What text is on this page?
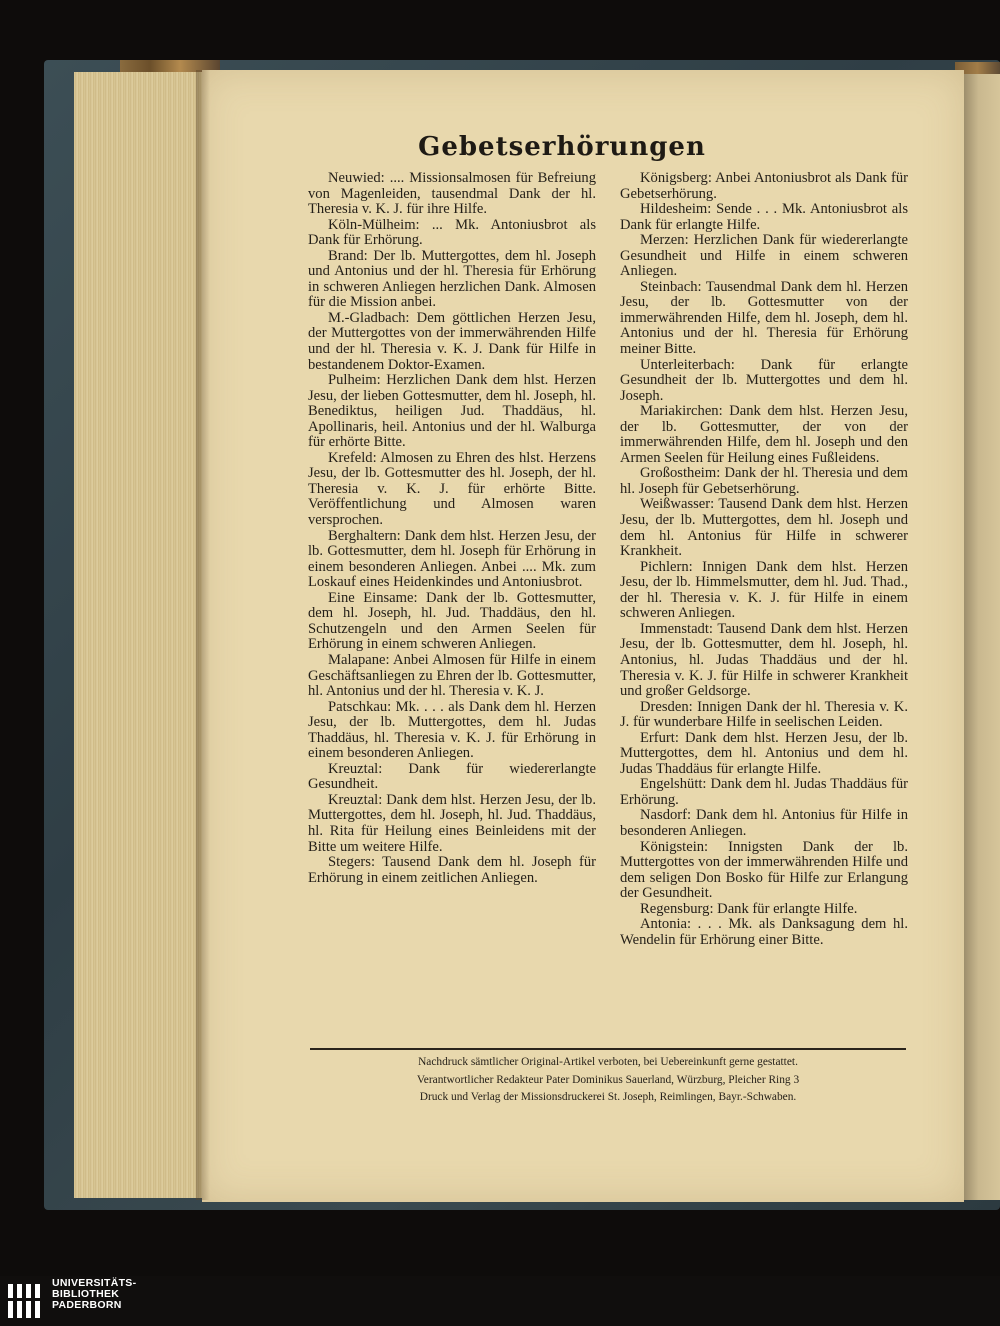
Gebetserhörungen

Neuwied: .... Missionsalmosen für Befreiung von Magenleiden, tausendmal Dank der hl. Theresia v. K. J. für ihre Hilfe.

Köln-Mülheim: ... Mk. Antoniusbrot als Dank für Erhörung.

Brand: Der lb. Muttergottes, dem hl. Joseph und Antonius und der hl. Theresia für Erhörung in schweren Anliegen herzlichen Dank. Almosen für die Mission anbei.

M.-Gladbach: Dem göttlichen Herzen Jesu, der Muttergottes von der immerwährenden Hilfe und der hl. Theresia v. K. J. Dank für Hilfe in bestandenem Doktor-Examen.

Pulheim: Herzlichen Dank dem hlst. Herzen Jesu, der lieben Gottesmutter, dem hl. Joseph, hl. Benediktus, heiligen Jud. Thaddäus, hl. Apollinaris, heil. Antonius und der hl. Walburga für erhörte Bitte.

Krefeld: Almosen zu Ehren des hlst. Herzens Jesu, der lb. Gottesmutter des hl. Joseph, der hl. Theresia v. K. J. für erhörte Bitte. Veröffentlichung und Almosen waren versprochen.

Berghaltern: Dank dem hlst. Herzen Jesu, der lb. Gottesmutter, dem hl. Joseph für Erhörung in einem besonderen Anliegen. Anbei .... Mk. zum Loskauf eines Heidenkindes und Antoniusbrot.

Eine Einsame: Dank der lb. Gottesmutter, dem hl. Joseph, hl. Jud. Thaddäus, den hl. Schutzengeln und den Armen Seelen für Erhörung in einem schweren Anliegen.

Malapane: Anbei Almosen für Hilfe in einem Geschäftsanliegen zu Ehren der lb. Gottesmutter, hl. Antonius und der hl. Theresia v. K. J.

Patschkau: Mk. . . . als Dank dem hl. Herzen Jesu, der lb. Muttergottes, dem hl. Judas Thaddäus, hl. Theresia v. K. J. für Erhörung in einem besonderen Anliegen.

Kreuztal: Dank für wiedererlangte Gesundheit.

Kreuztal: Dank dem hlst. Herzen Jesu, der lb. Muttergottes, dem hl. Joseph, hl. Jud. Thaddäus, hl. Rita für Heilung eines Beinleidens mit der Bitte um weitere Hilfe.

Stegers: Tausend Dank dem hl. Joseph für Erhörung in einem zeitlichen Anliegen.

Königsberg: Anbei Antoniusbrot als Dank für Gebetserhörung.

Hildesheim: Sende . . . Mk. Antoniusbrot als Dank für erlangte Hilfe.

Merzen: Herzlichen Dank für wiedererlangte Gesundheit und Hilfe in einem schweren Anliegen.

Steinbach: Tausendmal Dank dem hl. Herzen Jesu, der lb. Gottesmutter von der immerwährenden Hilfe, dem hl. Joseph, dem hl. Antonius und der hl. Theresia für Erhörung meiner Bitte.

Unterleiterbach: Dank für erlangte Gesundheit der lb. Muttergottes und dem hl. Joseph.

Mariakirchen: Dank dem hlst. Herzen Jesu, der lb. Gottesmutter, der von der immerwährenden Hilfe, dem hl. Joseph und den Armen Seelen für Heilung eines Fußleidens.

Großostheim: Dank der hl. Theresia und dem hl. Joseph für Gebetserhörung.

Weißwasser: Tausend Dank dem hlst. Herzen Jesu, der lb. Muttergottes, dem hl. Joseph und dem hl. Antonius für Hilfe in schwerer Krankheit.

Pichlern: Innigen Dank dem hlst. Herzen Jesu, der lb. Himmelsmutter, dem hl. Jud. Thad., der hl. Theresia v. K. J. für Hilfe in einem schweren Anliegen.

Immenstadt: Tausend Dank dem hlst. Herzen Jesu, der lb. Gottesmutter, dem hl. Joseph, hl. Antonius, hl. Judas Thaddäus und der hl. Theresia v. K. J. für Hilfe in schwerer Krankheit und großer Geldsorge.

Dresden: Innigen Dank der hl. Theresia v. K. J. für wunderbare Hilfe in seelischen Leiden.

Erfurt: Dank dem hlst. Herzen Jesu, der lb. Muttergottes, dem hl. Antonius und dem hl. Judas Thaddäus für erlangte Hilfe.

Engelshütt: Dank dem hl. Judas Thaddäus für Erhörung.

Nasdorf: Dank dem hl. Antonius für Hilfe in besonderen Anliegen.

Königstein: Innigsten Dank der lb. Muttergottes von der immerwährenden Hilfe und dem seligen Don Bosko für Hilfe zur Erlangung der Gesundheit.

Regensburg: Dank für erlangte Hilfe.

Antonia: . . . Mk. als Danksagung dem hl. Wendelin für Erhörung einer Bitte.

Nachdruck sämtlicher Original-Artikel verboten, bei Uebereinkunft gerne gestattet.
Verantwortlicher Redakteur Pater Dominikus Sauerland, Würzburg, Pleicher Ring 3
Druck und Verlag der Missionsdruckerei St. Joseph, Reimlingen, Bayr.-Schwaben.
UNIVERSITÄTS-
BIBLIOTHEK
PADERBORN
